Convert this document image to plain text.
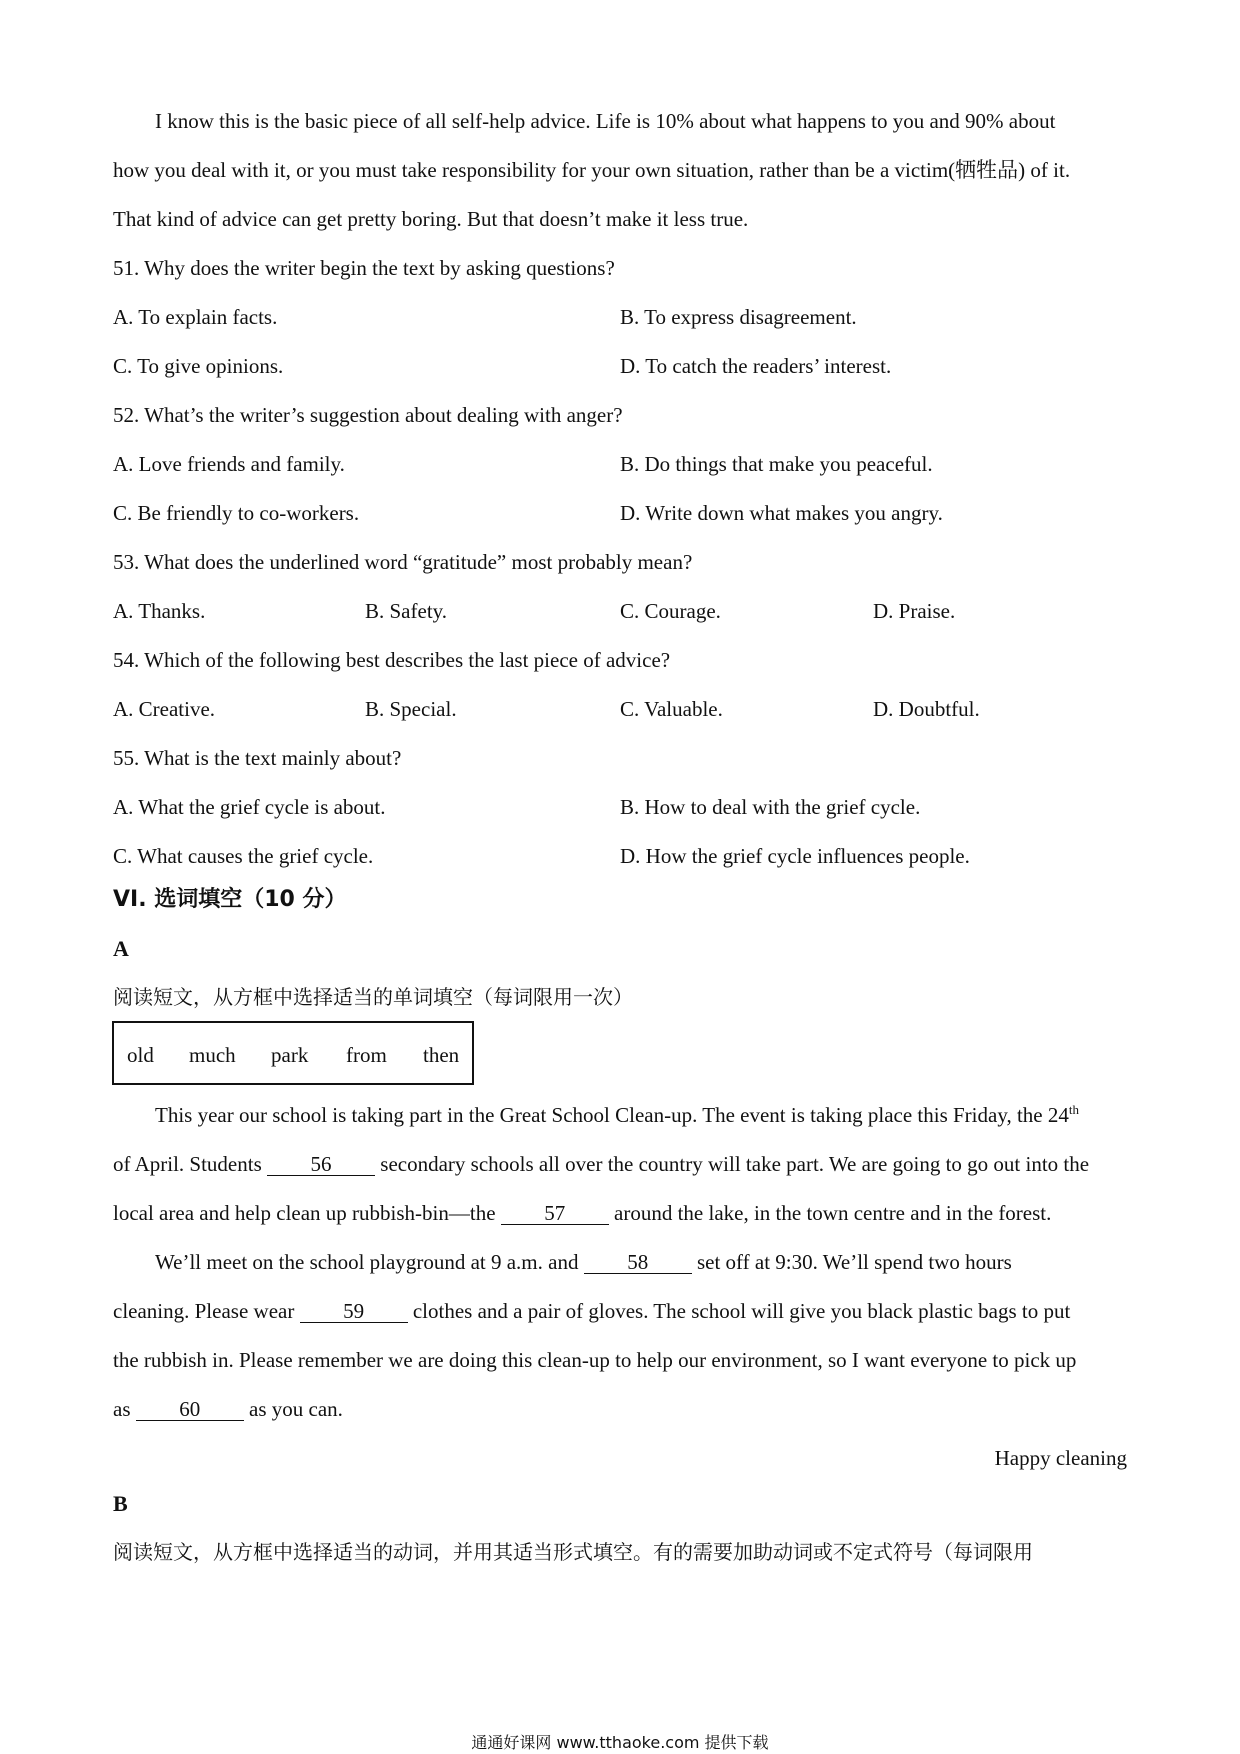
I know this is the basic piece of all self-help advice. Life is 10% about what happens to you and 90% about
how you deal with it, or you must take responsibility for your own situation, rather than be a victim(牺牲品) of it.
That kind of advice can get pretty boring. But that doesn’t make it less true.
51. Why does the writer begin the text by asking questions?
A. To explain facts.	B. To express disagreement.
C. To give opinions.	D. To catch the readers’ interest.
52. What’s the writer’s suggestion about dealing with anger?
A. Love friends and family.	B. Do things that make you peaceful.
C. Be friendly to co-workers.	D. Write down what makes you angry.
53. What does the underlined word “gratitude” most probably mean?
A. Thanks.	B. Safety.	C. Courage.	D. Praise.
54. Which of the following best describes the last piece of advice?
A. Creative.	B. Special.	C. Valuable.	D. Doubtful.
55. What is the text mainly about?
A. What the grief cycle is about.	B. How to deal with the grief cycle.
C. What causes the grief cycle.	D. How the grief cycle influences people.
VI. 选词填空（10 分）
A
阅读短文，从方框中选择适当的单词填空（每词限用一次）
old much park from then
This year our school is taking part in the Great School Clean-up. The event is taking place this Friday, the 24th
of April. Students 56 secondary schools all over the country will take part. We are going to go out into the
local area and help clean up rubbish-bin—the 57 around the lake, in the town centre and in the forest.
We’ll meet on the school playground at 9 a.m. and 58 set off at 9:30. We’ll spend two hours
cleaning. Please wear 59 clothes and a pair of gloves. The school will give you black plastic bags to put
the rubbish in. Please remember we are doing this clean-up to help our environment, so I want everyone to pick up
as 60 as you can.
Happy cleaning
B
阅读短文，从方框中选择适当的动词，并用其适当形式填空。有的需要加助动词或不定式符号（每词限用
通通好课网 www.tthaoke.com 提供下载
